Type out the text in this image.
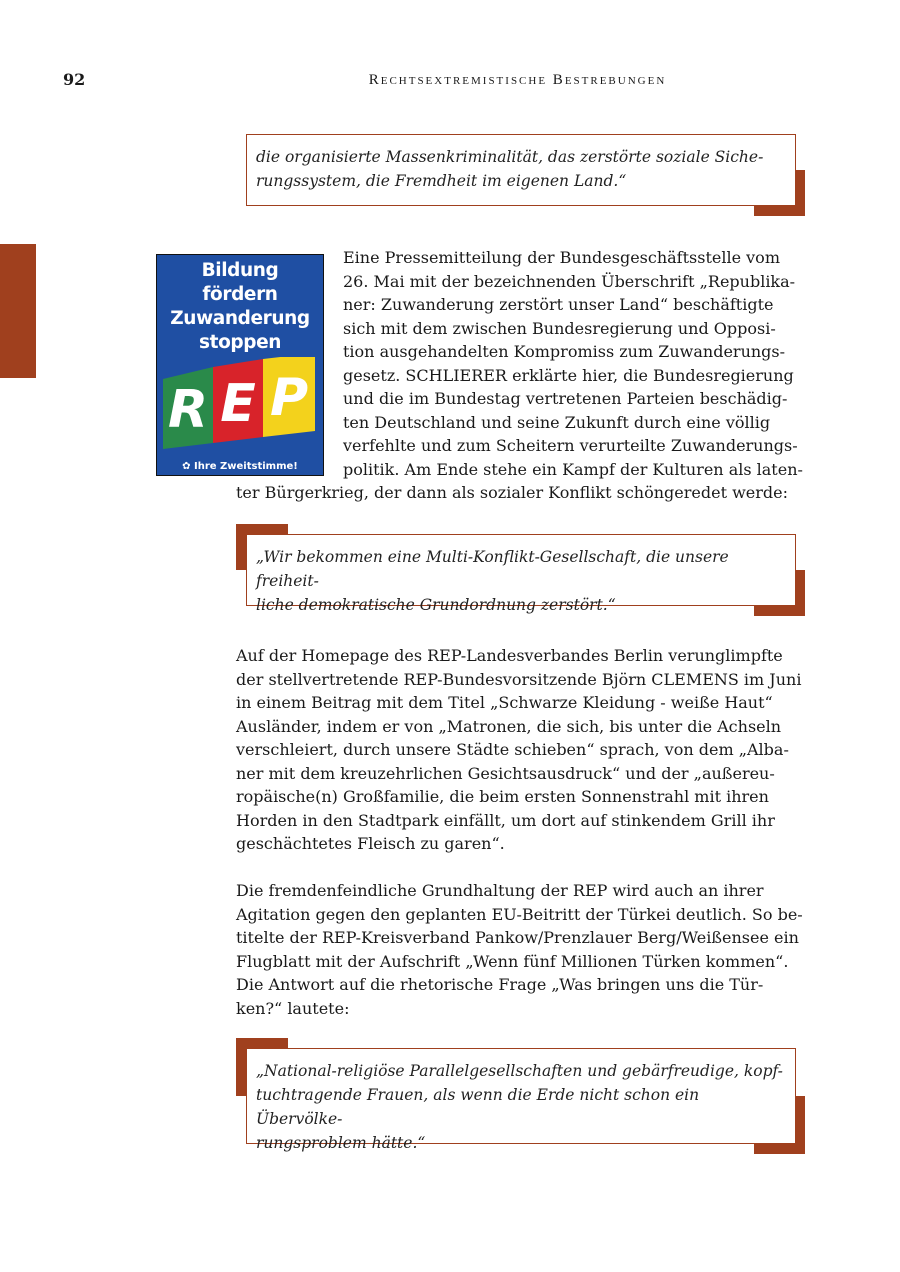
92	Rechtsextremistische Bestrebungen
die organisierte Massenkriminalität, das zerstörte soziale Siche-
rungssystem, die Fremdheit im eigenen Land.“
Bildung
fördern
Zuwanderung
stoppen
R E P
✿ Ihre Zweitstimme!
Eine Pressemitteilung der Bundesgeschäftsstelle vom
26. Mai mit der bezeichnenden Überschrift „Republika-
ner: Zuwanderung zerstört unser Land“ beschäftigte
sich mit dem zwischen Bundesregierung und Opposi-
tion ausgehandelten Kompromiss zum Zuwanderungs-
gesetz. SCHLIERER erklärte hier, die Bundesregierung
und die im Bundestag vertretenen Parteien beschädig-
ten Deutschland und seine Zukunft durch eine völlig
verfehlte und zum Scheitern verurteilte Zuwanderungs-
politik. Am Ende stehe ein Kampf der Kulturen als laten-
ter Bürgerkrieg, der dann als sozialer Konflikt schöngeredet werde:
„Wir bekommen eine Multi-Konflikt-Gesellschaft, die unsere freiheit-
liche demokratische Grundordnung zerstört.“
Auf der Homepage des REP-Landesverbandes Berlin verunglimpfte
der stellvertretende REP-Bundesvorsitzende Björn CLEMENS im Juni
in einem Beitrag mit dem Titel „Schwarze Kleidung - weiße Haut“
Ausländer, indem er von „Matronen, die sich, bis unter die Achseln
verschleiert, durch unsere Städte schieben“ sprach, von dem „Alba-
ner mit dem kreuzehrlichen Gesichtsausdruck“ und der „außereu-
ropäische(n) Großfamilie, die beim ersten Sonnenstrahl mit ihren
Horden in den Stadtpark einfällt, um dort auf stinkendem Grill ihr
geschächtetes Fleisch zu garen“.
Die fremdenfeindliche Grundhaltung der REP wird auch an ihrer
Agitation gegen den geplanten EU-Beitritt der Türkei deutlich. So be-
titelte der REP-Kreisverband Pankow/Prenzlauer Berg/Weißensee ein
Flugblatt mit der Aufschrift „Wenn fünf Millionen Türken kommen“.
Die Antwort auf die rhetorische Frage „Was bringen uns die Tür-
ken?“ lautete:
„National-religiöse Parallelgesellschaften und gebärfreudige, kopf-
tuchtragende Frauen, als wenn die Erde nicht schon ein Übervölke-
rungsproblem hätte.“
